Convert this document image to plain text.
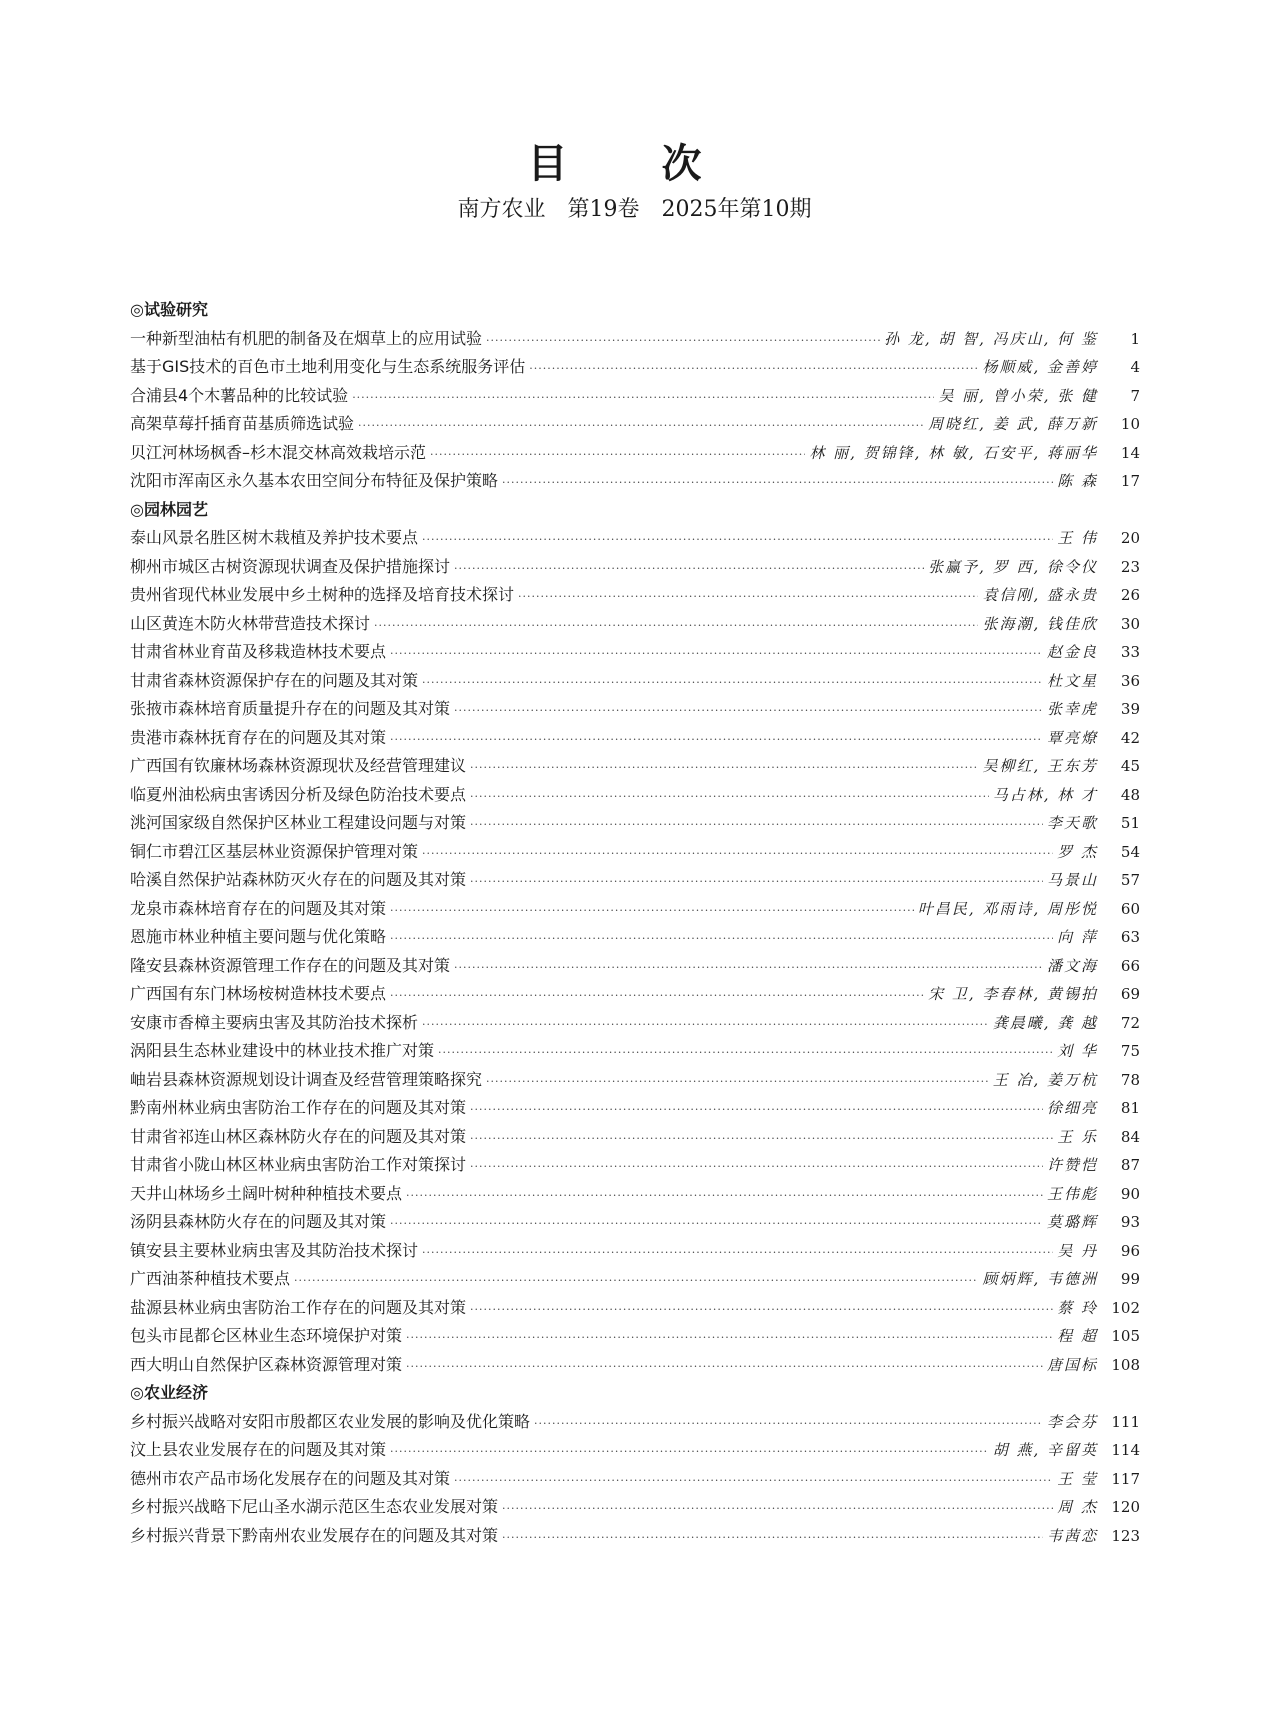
目 次
南方农业　第19卷　2025年第10期
◎试验研究
一种新型油枯有机肥的制备及在烟草上的应用试验 ·····	孙 龙, 胡 智, 冯庆山, 何 鉴	1
基于GIS技术的百色市土地利用变化与生态系统服务评估 ·····	杨顺威, 金善婷	4
合浦县4个木薯品种的比较试验 ·····	吴 丽, 曾小荣, 张 健	7
高架草莓扦插育苗基质筛选试验 ·····	周晓红, 姜 武, 薛万新	10
贝江河林场枫香–杉木混交林高效栽培示范 ·····	林 丽, 贺锦锋, 林 敏, 石安平, 蒋丽华	14
沈阳市浑南区永久基本农田空间分布特征及保护策略 ·····	陈 森	17
◎园林园艺
泰山风景名胜区树木栽植及养护技术要点 ·····	王 伟	20
柳州市城区古树资源现状调查及保护措施探讨 ·····	张赢予, 罗 西, 徐令仪	23
贵州省现代林业发展中乡土树种的选择及培育技术探讨 ·····	袁信刚, 盛永贵	26
山区黄连木防火林带营造技术探讨 ·····	张海潮, 钱佳欣	30
甘肃省林业育苗及移栽造林技术要点 ·····	赵金良	33
甘肃省森林资源保护存在的问题及其对策 ·····	杜文星	36
张掖市森林培育质量提升存在的问题及其对策 ·····	张幸虎	39
贵港市森林抚育存在的问题及其对策 ·····	覃亮燎	42
广西国有钦廉林场森林资源现状及经营管理建议 ·····	吴柳红, 王东芳	45
临夏州油松病虫害诱因分析及绿色防治技术要点 ·····	马占林, 林 才	48
洮河国家级自然保护区林业工程建设问题与对策 ·····	李天歌	51
铜仁市碧江区基层林业资源保护管理对策 ·····	罗 杰	54
哈溪自然保护站森林防灭火存在的问题及其对策 ·····	马景山	57
龙泉市森林培育存在的问题及其对策 ·····	叶昌民, 邓雨诗, 周彤悦	60
恩施市林业种植主要问题与优化策略 ·····	向 萍	63
隆安县森林资源管理工作存在的问题及其对策 ·····	潘文海	66
广西国有东门林场桉树造林技术要点 ·····	宋 卫, 李春林, 黄锡拍	69
安康市香樟主要病虫害及其防治技术探析 ·····	龚晨曦, 龚 越	72
涡阳县生态林业建设中的林业技术推广对策 ·····	刘 华	75
岫岩县森林资源规划设计调查及经营管理策略探究 ·····	王 冶, 姜万杭	78
黔南州林业病虫害防治工作存在的问题及其对策 ·····	徐细亮	81
甘肃省祁连山林区森林防火存在的问题及其对策 ·····	王 乐	84
甘肃省小陇山林区林业病虫害防治工作对策探讨 ·····	许赞恺	87
天井山林场乡土阔叶树种种植技术要点 ·····	王伟彪	90
汤阴县森林防火存在的问题及其对策 ·····	莫璐辉	93
镇安县主要林业病虫害及其防治技术探讨 ·····	吴 丹	96
广西油茶种植技术要点 ·····	顾炳辉, 韦德洲	99
盐源县林业病虫害防治工作存在的问题及其对策 ·····	蔡 玲 102
包头市昆都仑区林业生态环境保护对策 ·····	程 超 105
西大明山自然保护区森林资源管理对策 ·····	唐国标 108
◎农业经济
乡村振兴战略对安阳市殷都区农业发展的影响及优化策略 ·····	李会芬 111
汶上县农业发展存在的问题及其对策 ·····	胡 燕, 辛留英 114
德州市农产品市场化发展存在的问题及其对策 ·····	王 莹 117
乡村振兴战略下尼山圣水湖示范区生态农业发展对策 ·····	周 杰 120
乡村振兴背景下黔南州农业发展存在的问题及其对策 ·····	韦茜恋 123
